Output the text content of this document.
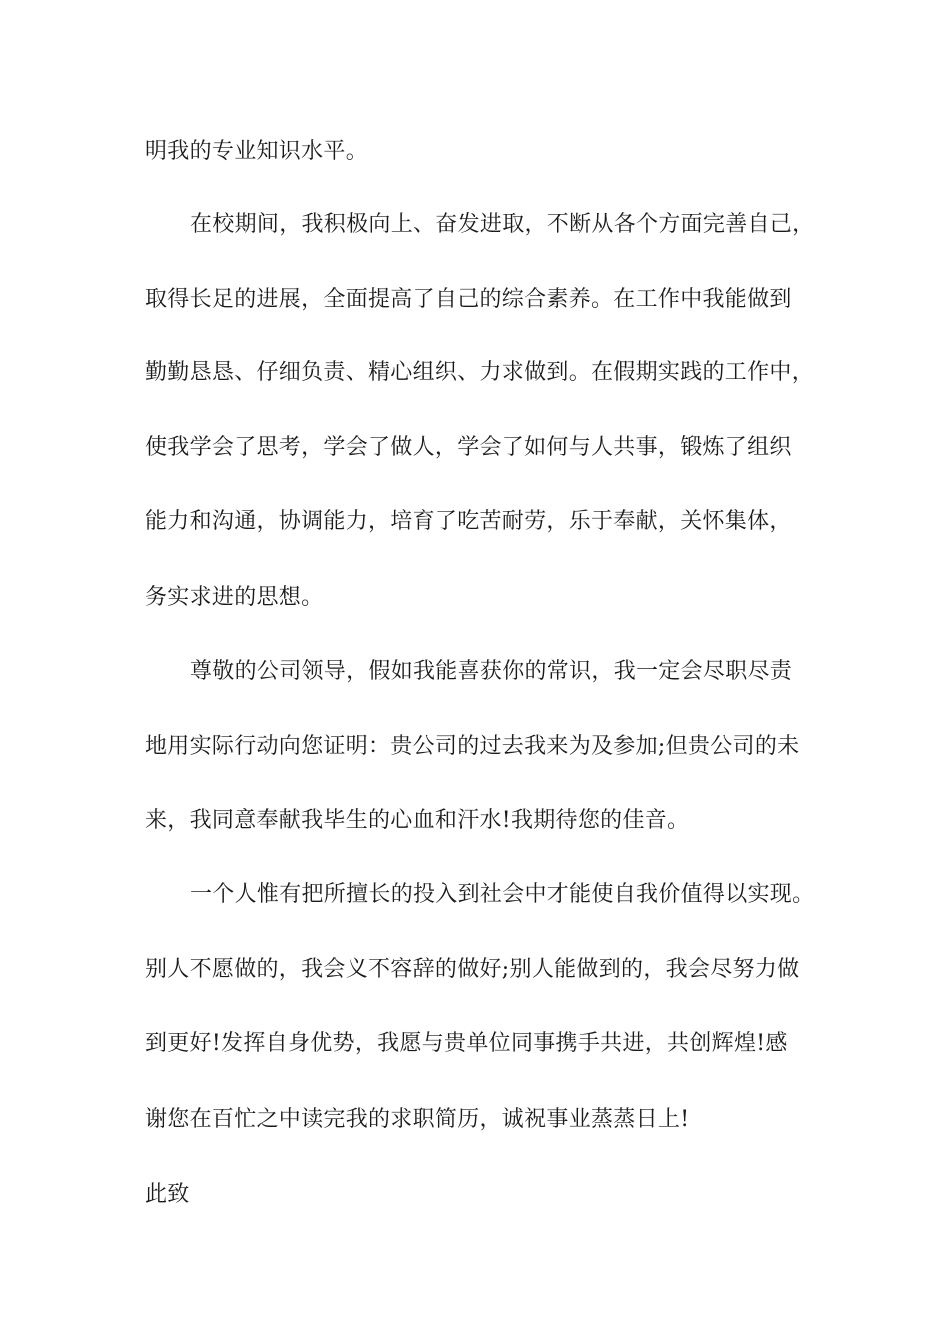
明我的专业知识水平。
在校期间，我积极向上、奋发进取，不断从各个方面完善自己，
取得长足的进展，全面提高了自己的综合素养。在工作中我能做到
勤勤恳恳、仔细负责、精心组织、力求做到。在假期实践的工作中，
使我学会了思考，学会了做人，学会了如何与人共事，锻炼了组织
能力和沟通，协调能力，培育了吃苦耐劳，乐于奉献，关怀集体，
务实求进的思想。
尊敬的公司领导，假如我能喜获你的常识，我一定会尽职尽责
地用实际行动向您证明：贵公司的过去我来为及参加;但贵公司的未
来，我同意奉献我毕生的心血和汗水!我期待您的佳音。
一个人惟有把所擅长的投入到社会中才能使自我价值得以实现。
别人不愿做的，我会义不容辞的做好;别人能做到的，我会尽努力做
到更好!发挥自身优势，我愿与贵单位同事携手共进，共创辉煌!感
谢您在百忙之中读完我的求职简历，诚祝事业蒸蒸日上!
此致
